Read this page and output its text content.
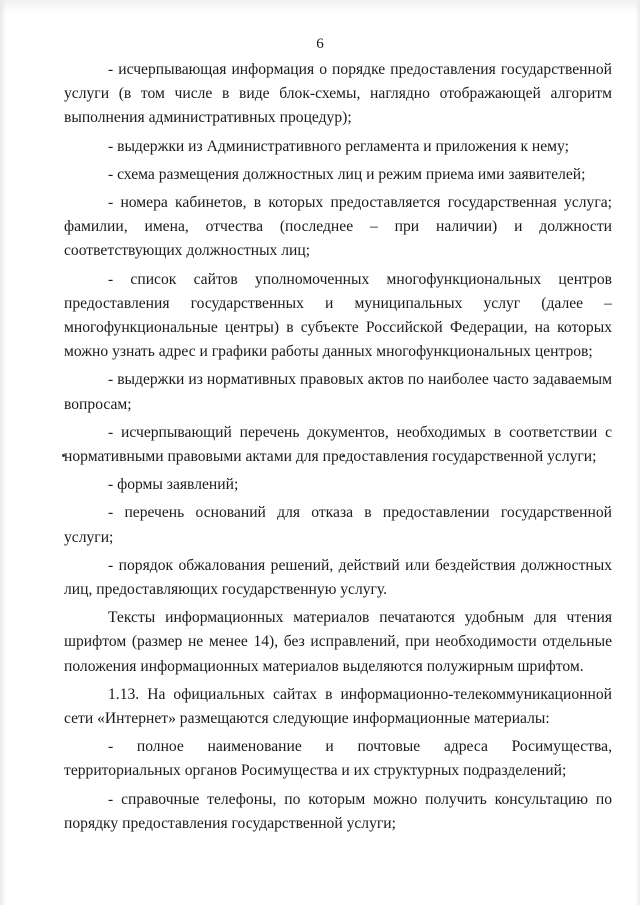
6

- исчерпывающая информация о порядке предоставления государственной услуги (в том числе в виде блок-схемы, наглядно отображающей алгоритм выполнения административных процедур);

- выдержки из Административного регламента и приложения к нему;

- схема размещения должностных лиц и режим приема ими заявителей;

- номера кабинетов, в которых предоставляется государственная услуга; фамилии, имена, отчества (последнее – при наличии) и должности соответствующих должностных лиц;

- список сайтов уполномоченных многофункциональных центров предоставления государственных и муниципальных услуг (далее – многофункциональные центры) в субъекте Российской Федерации, на которых можно узнать адрес и графики работы данных многофункциональных центров;

- выдержки из нормативных правовых актов по наиболее часто задаваемым вопросам;

- исчерпывающий перечень документов, необходимых в соответствии с нормативными правовыми актами для предоставления государственной услуги;

- формы заявлений;

- перечень оснований для отказа в предоставлении государственной услуги;

- порядок обжалования решений, действий или бездействия должностных лиц, предоставляющих государственную услугу.

Тексты информационных материалов печатаются удобным для чтения шрифтом (размер не менее 14), без исправлений, при необходимости отдельные положения информационных материалов выделяются полужирным шрифтом.

1.13. На официальных сайтах в информационно-телекоммуникационной сети «Интернет» размещаются следующие информационные материалы:

- полное наименование и почтовые адреса Росимущества, территориальных органов Росимущества и их структурных подразделений;

- справочные телефоны, по которым можно получить консультацию по порядку предоставления государственной услуги;
